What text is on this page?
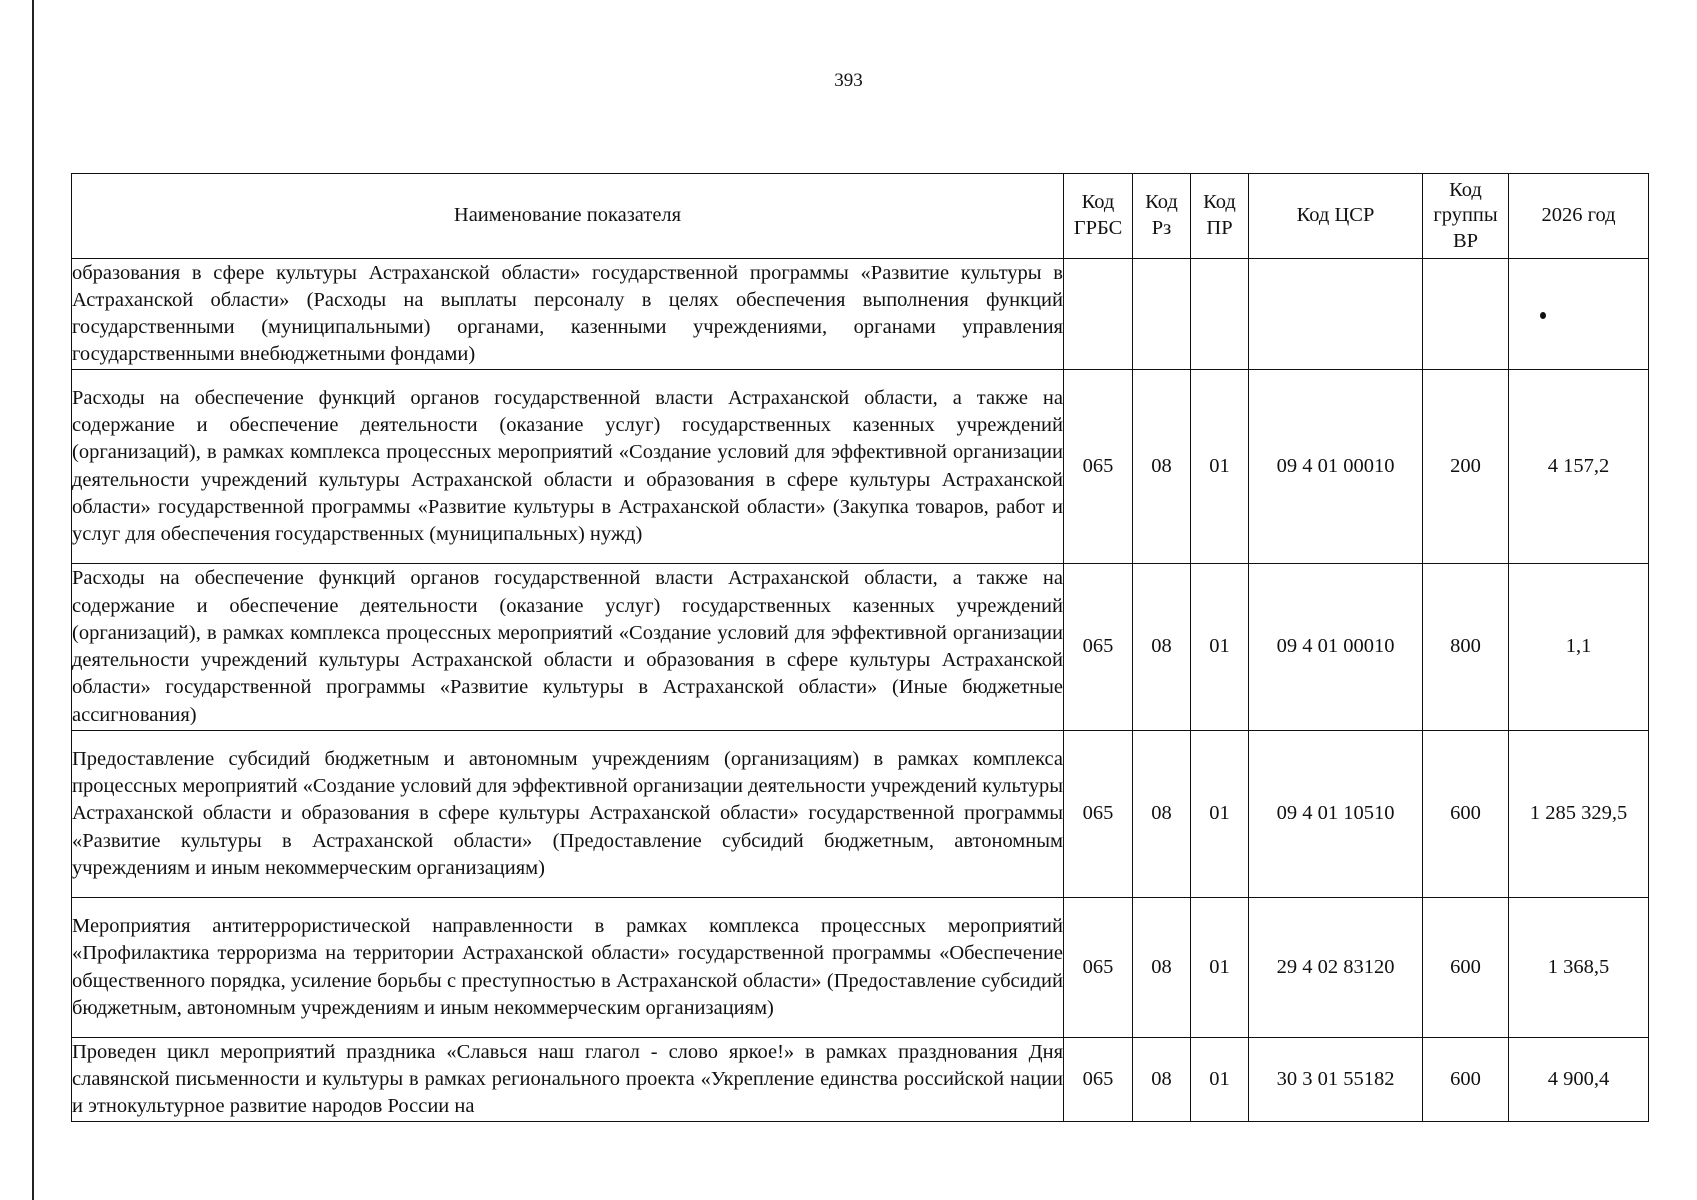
393
Наименование показателя	Код ГРБС	Код Рз	Код ПР	Код ЦСР	Код группы ВР	2026 год
образования в сфере культуры Астраханской области» государственной программы «Развитие культуры в Астраханской области» (Расходы на выплаты персоналу в целях обеспечения выполнения функций государственными (муниципальными) органами, казенными учреждениями, органами управления государственными внебюджетными фондами)						
Расходы на обеспечение функций органов государственной власти Астраханской области, а также на содержание и обеспечение деятельности (оказание услуг) государственных казенных учреждений (организаций), в рамках комплекса процессных мероприятий «Создание условий для эффективной организации деятельности учреждений культуры Астраханской области и образования в сфере культуры Астраханской области» государственной программы «Развитие культуры в Астраханской области» (Закупка товаров, работ и услуг для обеспечения государственных (муниципальных) нужд)	065	08	01	09 4 01 00010	200	4 157,2
Расходы на обеспечение функций органов государственной власти Астраханской области, а также на содержание и обеспечение деятельности (оказание услуг) государственных казенных учреждений (организаций), в рамках комплекса процессных мероприятий «Создание условий для эффективной организации деятельности учреждений культуры Астраханской области и образования в сфере культуры Астраханской области» государственной программы «Развитие культуры в Астраханской области» (Иные бюджетные ассигнования)	065	08	01	09 4 01 00010	800	1,1
Предоставление субсидий бюджетным и автономным учреждениям (организациям) в рамках комплекса процессных мероприятий «Создание условий для эффективной организации деятельности учреждений культуры Астраханской области и образования в сфере культуры Астраханской области» государственной программы «Развитие культуры в Астраханской области» (Предоставление субсидий бюджетным, автономным учреждениям и иным некоммерческим организациям)	065	08	01	09 4 01 10510	600	1 285 329,5
Мероприятия антитеррористической направленности в рамках комплекса процессных мероприятий «Профилактика терроризма на территории Астраханской области» государственной программы «Обеспечение общественного порядка, усиление борьбы с преступностью в Астраханской области» (Предоставление субсидий бюджетным, автономным учреждениям и иным некоммерческим организациям)	065	08	01	29 4 02 83120	600	1 368,5
Проведен цикл мероприятий праздника «Славься наш глагол - слово яркое!» в рамках празднования Дня славянской письменности и культуры в рамках регионального проекта «Укрепление единства российской нации и этнокультурное развитие народов России на	065	08	01	30 3 01 55182	600	4 900,4
